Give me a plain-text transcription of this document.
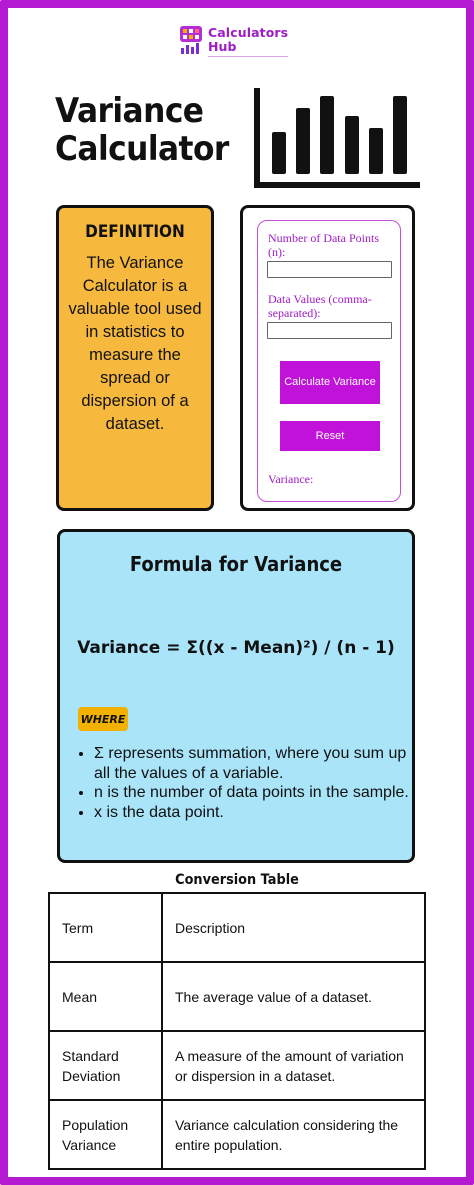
Calculators
Hub
Variance
Calculator
DEFINITION
The Variance Calculator is a valuable tool used in statistics to measure the spread or dispersion of a dataset.
Number of Data Points (n):
Data Values (comma-separated):
Calculate Variance
Reset
Variance:
Formula for Variance
Variance = Σ((x - Mean)²) / (n - 1)
WHERE
• Σ represents summation, where you sum up all the values of a variable.
• n is the number of data points in the sample.
• x is the data point.
Conversion Table
Term	Description
Mean	The average value of a dataset.
Standard Deviation	A measure of the amount of variation or dispersion in a dataset.
Population Variance	Variance calculation considering the entire population.
